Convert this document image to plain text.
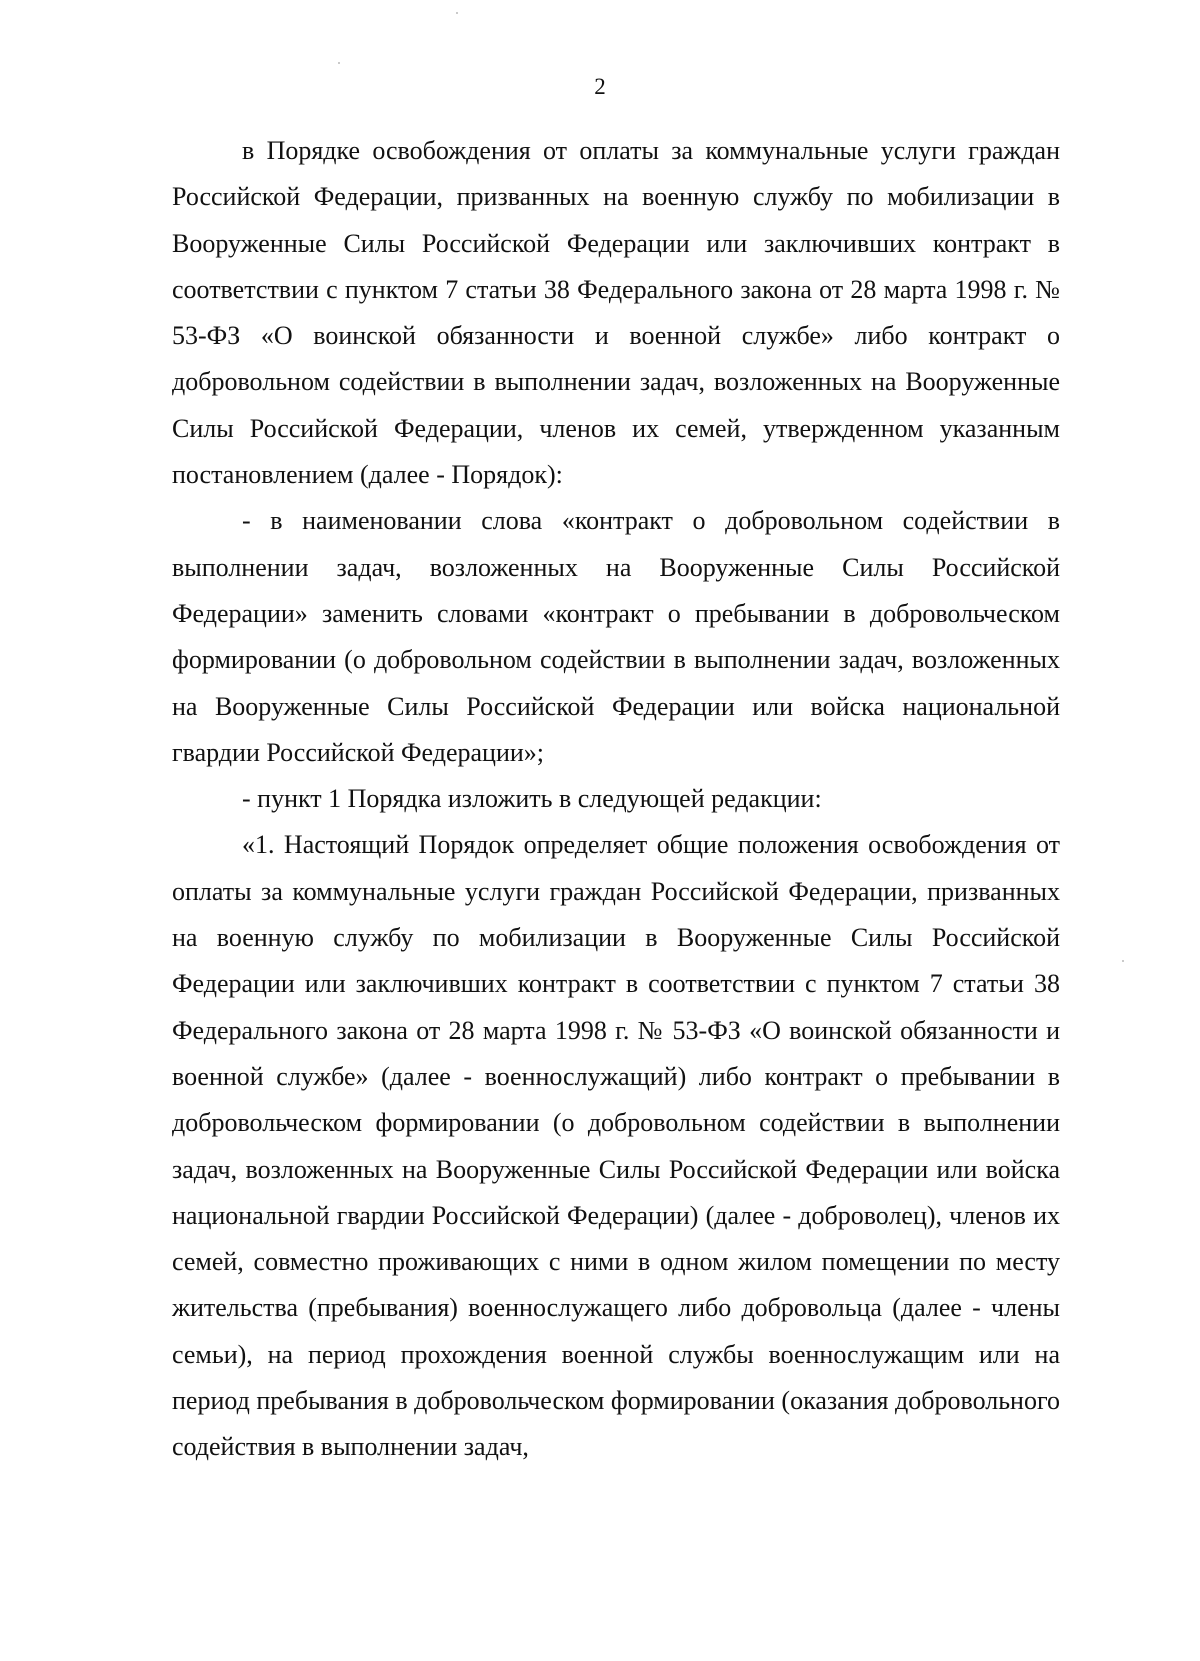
2

в Порядке освобождения от оплаты за коммунальные услуги граждан Российской Федерации, призванных на военную службу по мобилизации в Вооруженные Силы Российской Федерации или заключивших контракт в соответствии с пунктом 7 статьи 38 Федерального закона от 28 марта 1998 г. № 53-ФЗ «О воинской обязанности и военной службе» либо контракт о добровольном содействии в выполнении задач, возложенных на Вооруженные Силы Российской Федерации, членов их семей, утвержденном указанным постановлением (далее - Порядок):

- в наименовании слова «контракт о добровольном содействии в выполнении задач, возложенных на Вооруженные Силы Российской Федерации» заменить словами «контракт о пребывании в добровольческом формировании (о добровольном содействии в выполнении задач, возложенных на Вооруженные Силы Российской Федерации или войска национальной гвардии Российской Федерации»;

- пункт 1 Порядка изложить в следующей редакции:

«1. Настоящий Порядок определяет общие положения освобождения от оплаты за коммунальные услуги граждан Российской Федерации, призванных на военную службу по мобилизации в Вооруженные Силы Российской Федерации или заключивших контракт в соответствии с пунктом 7 статьи 38 Федерального закона от 28 марта 1998 г. № 53-ФЗ «О воинской обязанности и военной службе» (далее - военнослужащий) либо контракт о пребывании в добровольческом формировании (о добровольном содействии в выполнении задач, возложенных на Вооруженные Силы Российской Федерации или войска национальной гвардии Российской Федерации) (далее - доброволец), членов их семей, совместно проживающих с ними в одном жилом помещении по месту жительства (пребывания) военнослужащего либо добровольца (далее - члены семьи), на период прохождения военной службы военнослужащим или на период пребывания в добровольческом формировании (оказания добровольного содействия в выполнении задач,
